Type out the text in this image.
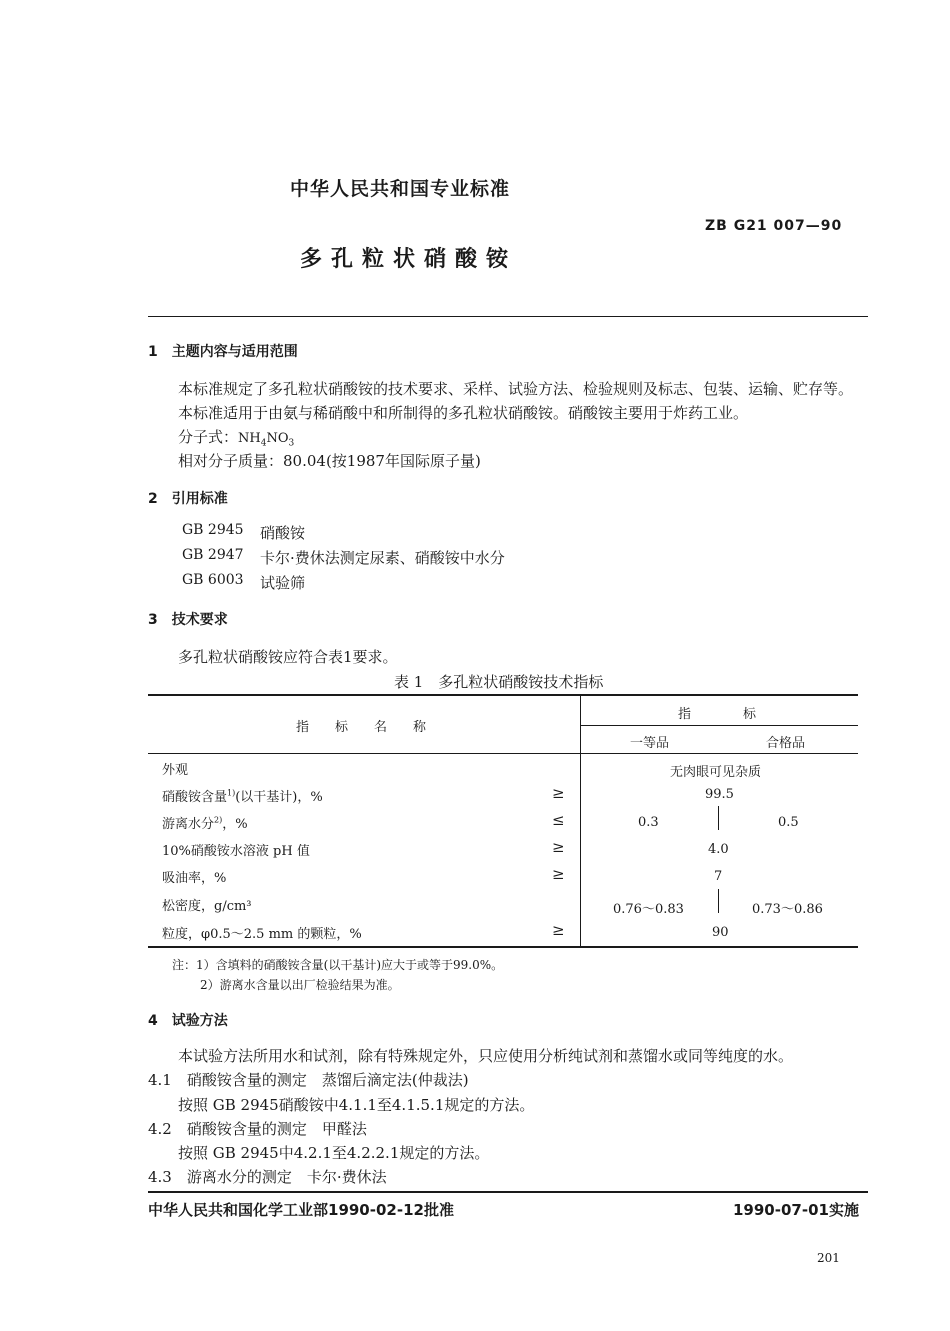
中华人民共和国专业标准
ZB G21 007—90
多孔粒状硝酸铵
1　主题内容与适用范围
本标准规定了多孔粒状硝酸铵的技术要求、采样、试验方法、检验规则及标志、包装、运输、贮存等。
本标准适用于由氨与稀硝酸中和所制得的多孔粒状硝酸铵。硝酸铵主要用于炸药工业。
分子式：$NH_4NO_3$
相对分子质量：80.04(按1987年国际原子量)
2　引用标准
GB 2945 硝酸铵
GB 2947 卡尔·费休法测定尿素、硝酸铵中水分
GB 6003 试验筛
3　技术要求
多孔粒状硝酸铵应符合表1要求。
表 1　多孔粒状硝酸铵技术指标
指　　标　　名　　称
指　　　　标
一等品	合格品
外观	无肉眼可见杂质
硝酸铵含量$^{1)}$(以干基计)，%	≥	99.5
游离水分$^{2)}$，%	≤	0.3	0.5
10%硝酸铵水溶液 pH 值	≥	4.0
吸油率，%	≥	7
松密度，g/cm³	0.76～0.83	0.73～0.86
粒度，φ0.5～2.5 mm 的颗粒，%	≥	90
注：1）含填料的硝酸铵含量(以干基计)应大于或等于99.0%。
2）游离水含量以出厂检验结果为准。
4　试验方法
本试验方法所用水和试剂，除有特殊规定外，只应使用分析纯试剂和蒸馏水或同等纯度的水。
4.1　硝酸铵含量的测定　蒸馏后滴定法(仲裁法)
按照 GB 2945硝酸铵中4.1.1至4.1.5.1规定的方法。
4.2　硝酸铵含量的测定　甲醛法
按照 GB 2945中4.2.1至4.2.2.1规定的方法。
4.3　游离水分的测定　卡尔·费休法
中华人民共和国化学工业部1990-02-12批准	1990-07-01实施
201
